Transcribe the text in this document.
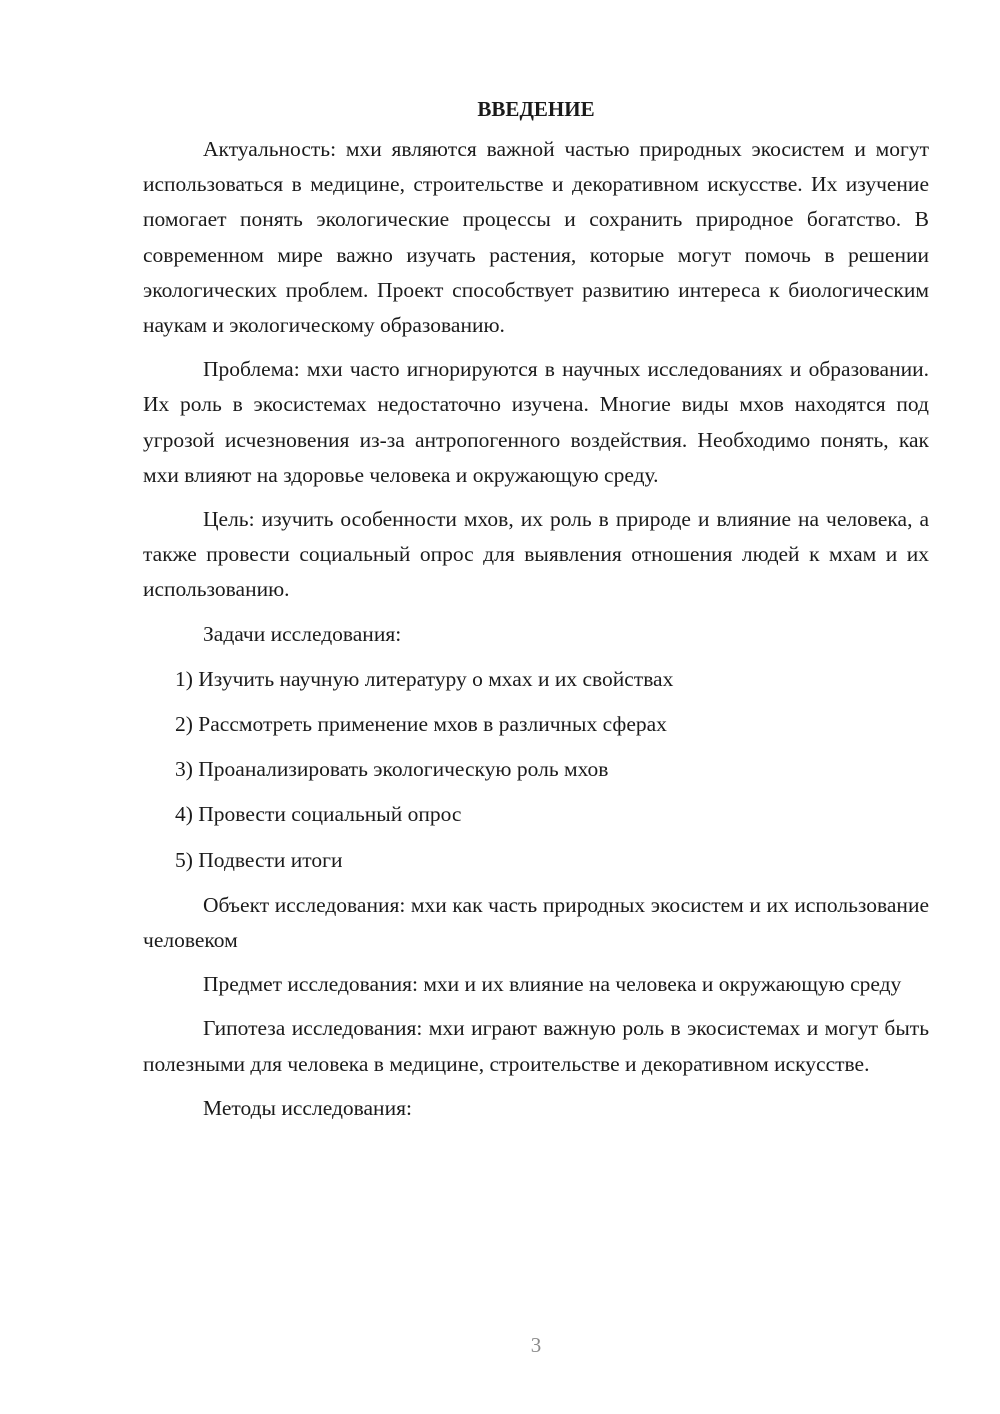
ВВЕДЕНИЕ

Актуальность: мхи являются важной частью природных экосистем и могут использоваться в медицине, строительстве и декоративном искусстве. Их изучение помогает понять экологические процессы и сохранить природное богатство. В современном мире важно изучать растения, которые могут помочь в решении экологических проблем. Проект способствует развитию интереса к биологическим наукам и экологическому образованию.

Проблема: мхи часто игнорируются в научных исследованиях и образовании. Их роль в экосистемах недостаточно изучена. Многие виды мхов находятся под угрозой исчезновения из-за антропогенного воздействия. Необходимо понять, как мхи влияют на здоровье человека и окружающую среду.

Цель: изучить особенности мхов, их роль в природе и влияние на человека, а также провести социальный опрос для выявления отношения людей к мхам и их использованию.

Задачи исследования:

1) Изучить научную литературу о мхах и их свойствах
2) Рассмотреть применение мхов в различных сферах
3) Проанализировать экологическую роль мхов
4) Провести социальный опрос
5) Подвести итоги

Объект исследования: мхи как часть природных экосистем и их использование человеком

Предмет исследования: мхи и их влияние на человека и окружающую среду

Гипотеза исследования: мхи играют важную роль в экосистемах и могут быть полезными для человека в медицине, строительстве и декоративном искусстве.

Методы исследования:

3
